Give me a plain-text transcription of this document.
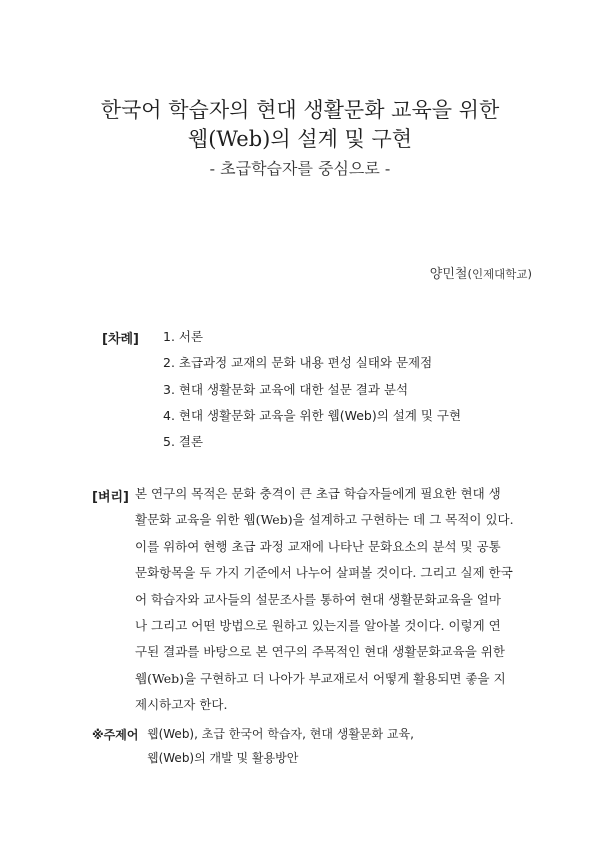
한국어 학습자의 현대 생활문화 교육을 위한
웹(Web)의 설계 및 구현
- 초급학습자를 중심으로 -
양민철(인제대학교)
[차례] 1. 서론
2. 초급과정 교재의 문화 내용 편성 실태와 문제점
3. 현대 생활문화 교육에 대한 설문 결과 분석
4. 현대 생활문화 교육을 위한 웹(Web)의 설계 및 구현
5. 결론
[벼리] 본 연구의 목적은 문화 충격이 큰 초급 학습자들에게 필요한 현대 생
활문화 교육을 위한 웹(Web)을 설계하고 구현하는 데 그 목적이 있다.
이를 위하여 현행 초급 과정 교재에 나타난 문화요소의 분석 및 공통
문화항목을 두 가지 기준에서 나누어 살펴볼 것이다. 그리고 실제 한국
어 학습자와 교사들의 설문조사를 통하여 현대 생활문화교육을 얼마
나 그리고 어떤 방법으로 원하고 있는지를 알아볼 것이다. 이렇게 연
구된 결과를 바탕으로 본 연구의 주목적인 현대 생활문화교육을 위한
웹(Web)을 구현하고 더 나아가 부교재로서 어떻게 활용되면 좋을 지
제시하고자 한다.
※주제어 웹(Web), 초급 한국어 학습자, 현대 생활문화 교육,
웹(Web)의 개발 및 활용방안
